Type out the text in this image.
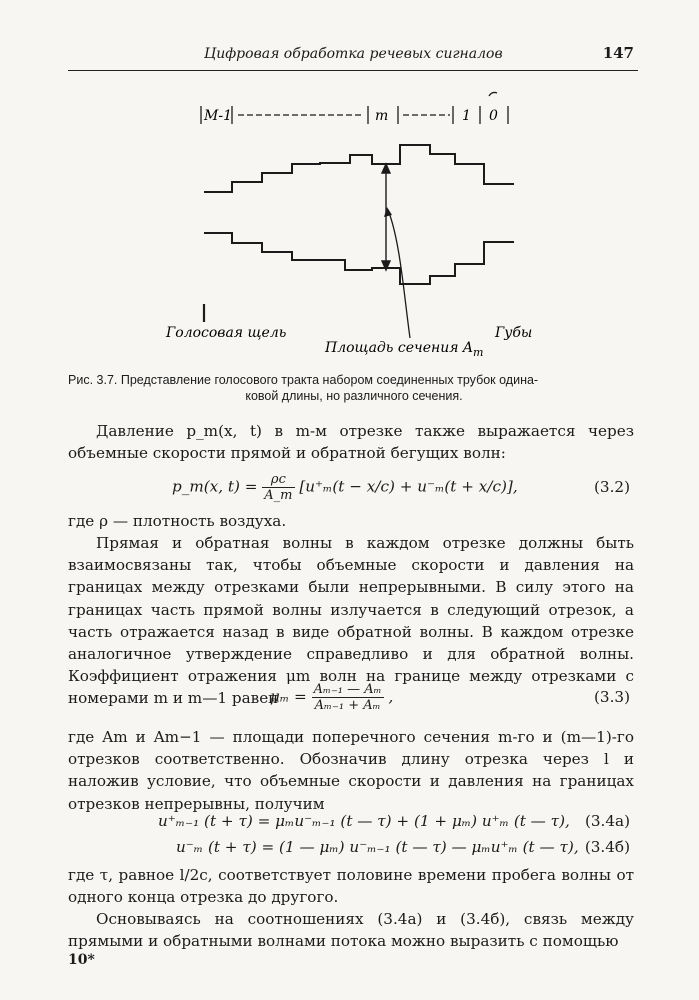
Цифровая обработка речевых сигналов	147
M-1	m	1 0
Голосовая щель	Губы
Площадь сечения $A_m$
Рис. 3.7. Представление голосового тракта набором соединенных трубок одина-
ковой длины, но различного сечения.
Давление p_m(x, t) в m-м отрезке также выражается через объемные скорости прямой и обратной бегущих волн:
p_m(x, $t) = \frac{\rho c}{A\_m} [u^+_m(t - x/c) + u^-_m(t + x/c)]$,	(3.2)
где ρ — плотность воздуха.
Прямая и обратная волны в каждом отрезке должны быть взаимосвязаны так, чтобы объемные скорости и давления на границах между отрезками были непрерывными. В силу этого на границах часть прямой волны излучается в следующий отрезок, а часть отражается назад в виде обратной волны. В каждом отрезке аналогичное утверждение справедливо и для обратной волны. Коэффициент отражения μm волн на границе между отрезками с номерами m и m—1 равен
$\mu_m = \frac{\text{Aₘ₋₁ — Aₘ}}{\text{Aₘ₋₁ + Aₘ}}$ ,	(3.3)
где Am и Am−1 — площади поперечного сечения m-го и (m—1)-го отрезков соответственно. Обозначив длину отрезка через l и наложив условие, что объемные скорости и давления на границах отрезков непрерывны, получим
u⁺ₘ₋₁ (t + τ) = μₘu⁻ₘ₋₁ (t — τ) + (1 + μₘ) u⁺ₘ (t — τ), (3.4а)
u⁻ₘ (t + τ) = (1 — μₘ) u⁻ₘ₋₁ (t — τ) — μₘu⁺ₘ (t — τ), (3.4б)
где τ, равное l/2c, соответствует половине времени пробега волны от одного конца отрезка до другого.
Основываясь на соотношениях (3.4а) и (3.4б), связь между прямыми и обратными волнами потока можно выразить с помощью
10*
